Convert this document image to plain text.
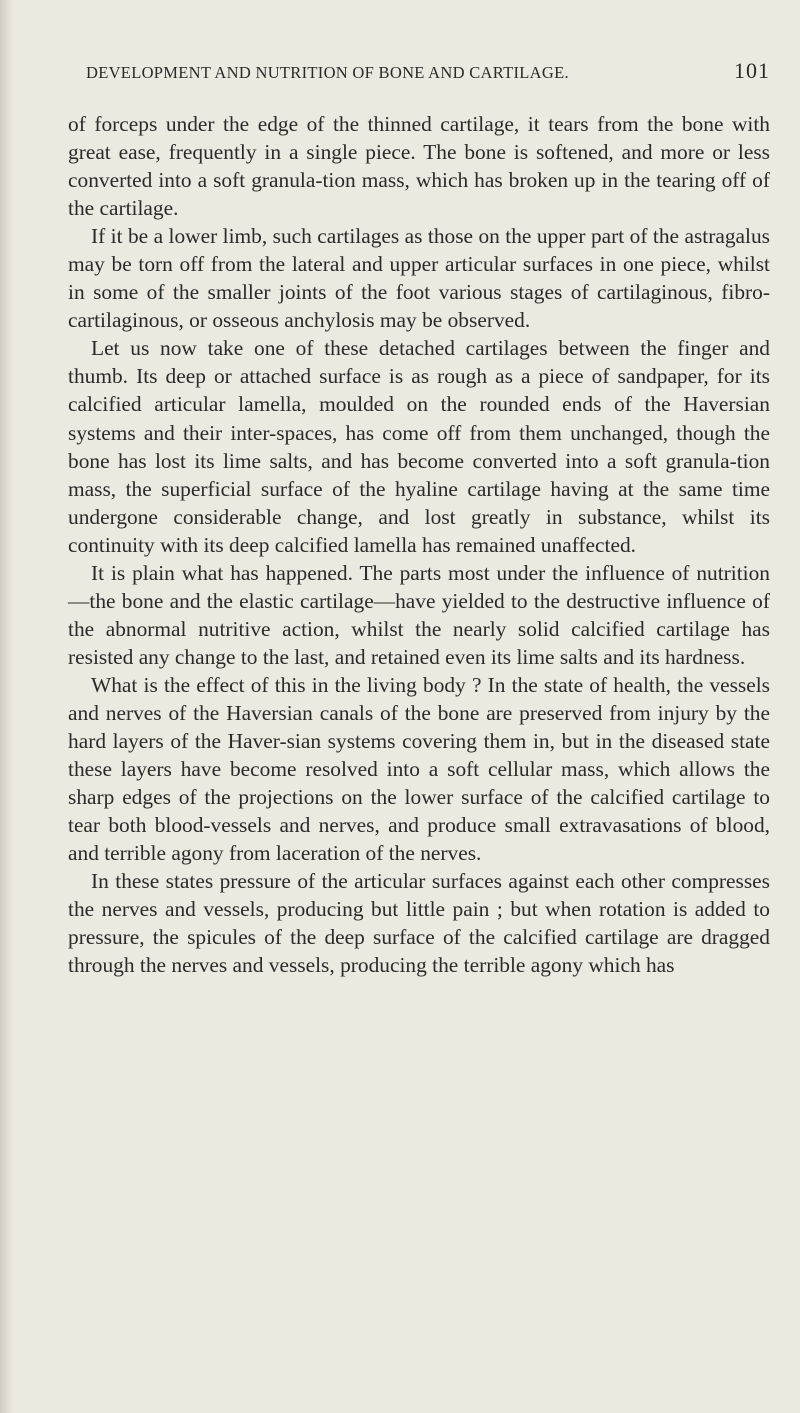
DEVELOPMENT AND NUTRITION OF BONE AND CARTILAGE.	101

of forceps under the edge of the thinned cartilage, it tears from the bone with great ease, frequently in a single piece. The bone is softened, and more or less converted into a soft granula-tion mass, which has broken up in the tearing off of the cartilage.

If it be a lower limb, such cartilages as those on the upper part of the astragalus may be torn off from the lateral and upper articular surfaces in one piece, whilst in some of the smaller joints of the foot various stages of cartilaginous, fibro-cartilaginous, or osseous anchylosis may be observed.

Let us now take one of these detached cartilages between the finger and thumb. Its deep or attached surface is as rough as a piece of sandpaper, for its calcified articular lamella, moulded on the rounded ends of the Haversian systems and their inter-spaces, has come off from them unchanged, though the bone has lost its lime salts, and has become converted into a soft granula-tion mass, the superficial surface of the hyaline cartilage having at the same time undergone considerable change, and lost greatly in substance, whilst its continuity with its deep calcified lamella has remained unaffected.

It is plain what has happened. The parts most under the influence of nutrition—the bone and the elastic cartilage—have yielded to the destructive influence of the abnormal nutritive action, whilst the nearly solid calcified cartilage has resisted any change to the last, and retained even its lime salts and its hardness.

What is the effect of this in the living body ? In the state of health, the vessels and nerves of the Haversian canals of the bone are preserved from injury by the hard layers of the Haver-sian systems covering them in, but in the diseased state these layers have become resolved into a soft cellular mass, which allows the sharp edges of the projections on the lower surface of the calcified cartilage to tear both blood-vessels and nerves, and produce small extravasations of blood, and terrible agony from laceration of the nerves.

In these states pressure of the articular surfaces against each other compresses the nerves and vessels, producing but little pain ; but when rotation is added to pressure, the spicules of the deep surface of the calcified cartilage are dragged through the nerves and vessels, producing the terrible agony which has
